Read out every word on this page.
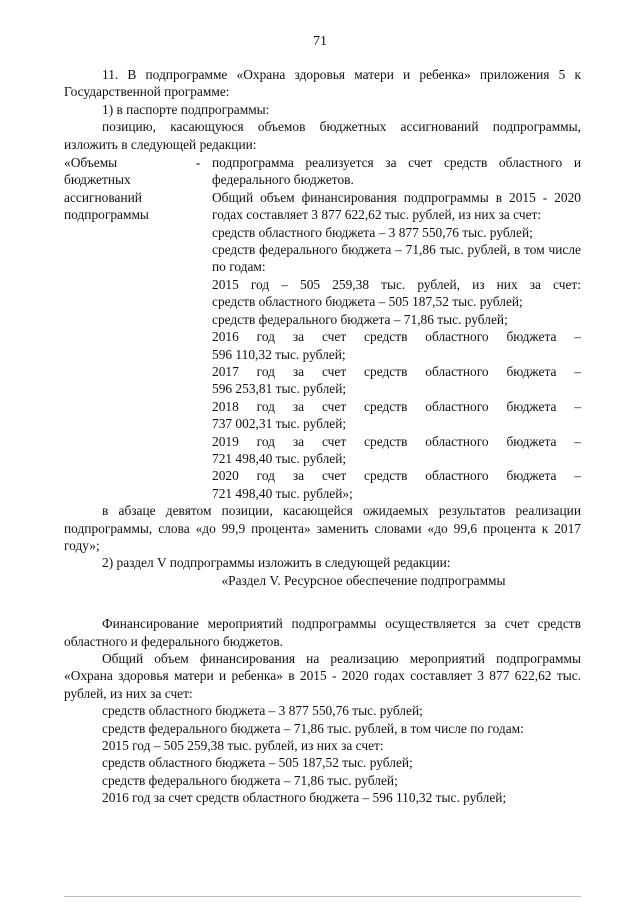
71

11. В подпрограмме «Охрана здоровья матери и ребенка» приложения 5 к Государственной программе:

1) в паспорте подпрограммы:

позицию, касающуюся объемов бюджетных ассигнований подпрограммы, изложить в следующей редакции:

«Объемы бюджетных ассигнований подпрограммы
- подпрограмма реализуется за счет средств областного и федерального бюджетов.

Общий объем финансирования подпрограммы в 2015 - 2020 годах составляет 3 877 622,62 тыс. рублей, из них за счет:

средств областного бюджета – 3 877 550,76 тыс. рублей;

средств федерального бюджета – 71,86 тыс. рублей, в том числе по годам:

2015 год – 505 259,38 тыс. рублей, из них за счет:

средств областного бюджета – 505 187,52 тыс. рублей;

средств федерального бюджета – 71,86 тыс. рублей;

2016 год за счет средств областного бюджета –

596 110,32 тыс. рублей;

2017 год за счет средств областного бюджета –

596 253,81 тыс. рублей;

2018 год за счет средств областного бюджета –

737 002,31 тыс. рублей;

2019 год за счет средств областного бюджета –

721 498,40 тыс. рублей;

2020 год за счет средств областного бюджета –

721 498,40 тыс. рублей»;

в абзаце девятом позиции, касающейся ожидаемых результатов реализации подпрограммы, слова «до 99,9 процента» заменить словами «до 99,6 процента к 2017 году»;

2) раздел V подпрограммы изложить в следующей редакции:

«Раздел V. Ресурсное обеспечение подпрограммы

Финансирование мероприятий подпрограммы осуществляется за счет средств областного и федерального бюджетов.

Общий объем финансирования на реализацию мероприятий подпрограммы «Охрана здоровья матери и ребенка» в 2015 - 2020 годах составляет 3 877 622,62 тыс. рублей, из них за счет:

средств областного бюджета – 3 877 550,76 тыс. рублей;

средств федерального бюджета – 71,86 тыс. рублей, в том числе по годам:

2015 год – 505 259,38 тыс. рублей, из них за счет:

средств областного бюджета – 505 187,52 тыс. рублей;

средств федерального бюджета – 71,86 тыс. рублей;

2016 год за счет средств областного бюджета – 596 110,32 тыс. рублей;
